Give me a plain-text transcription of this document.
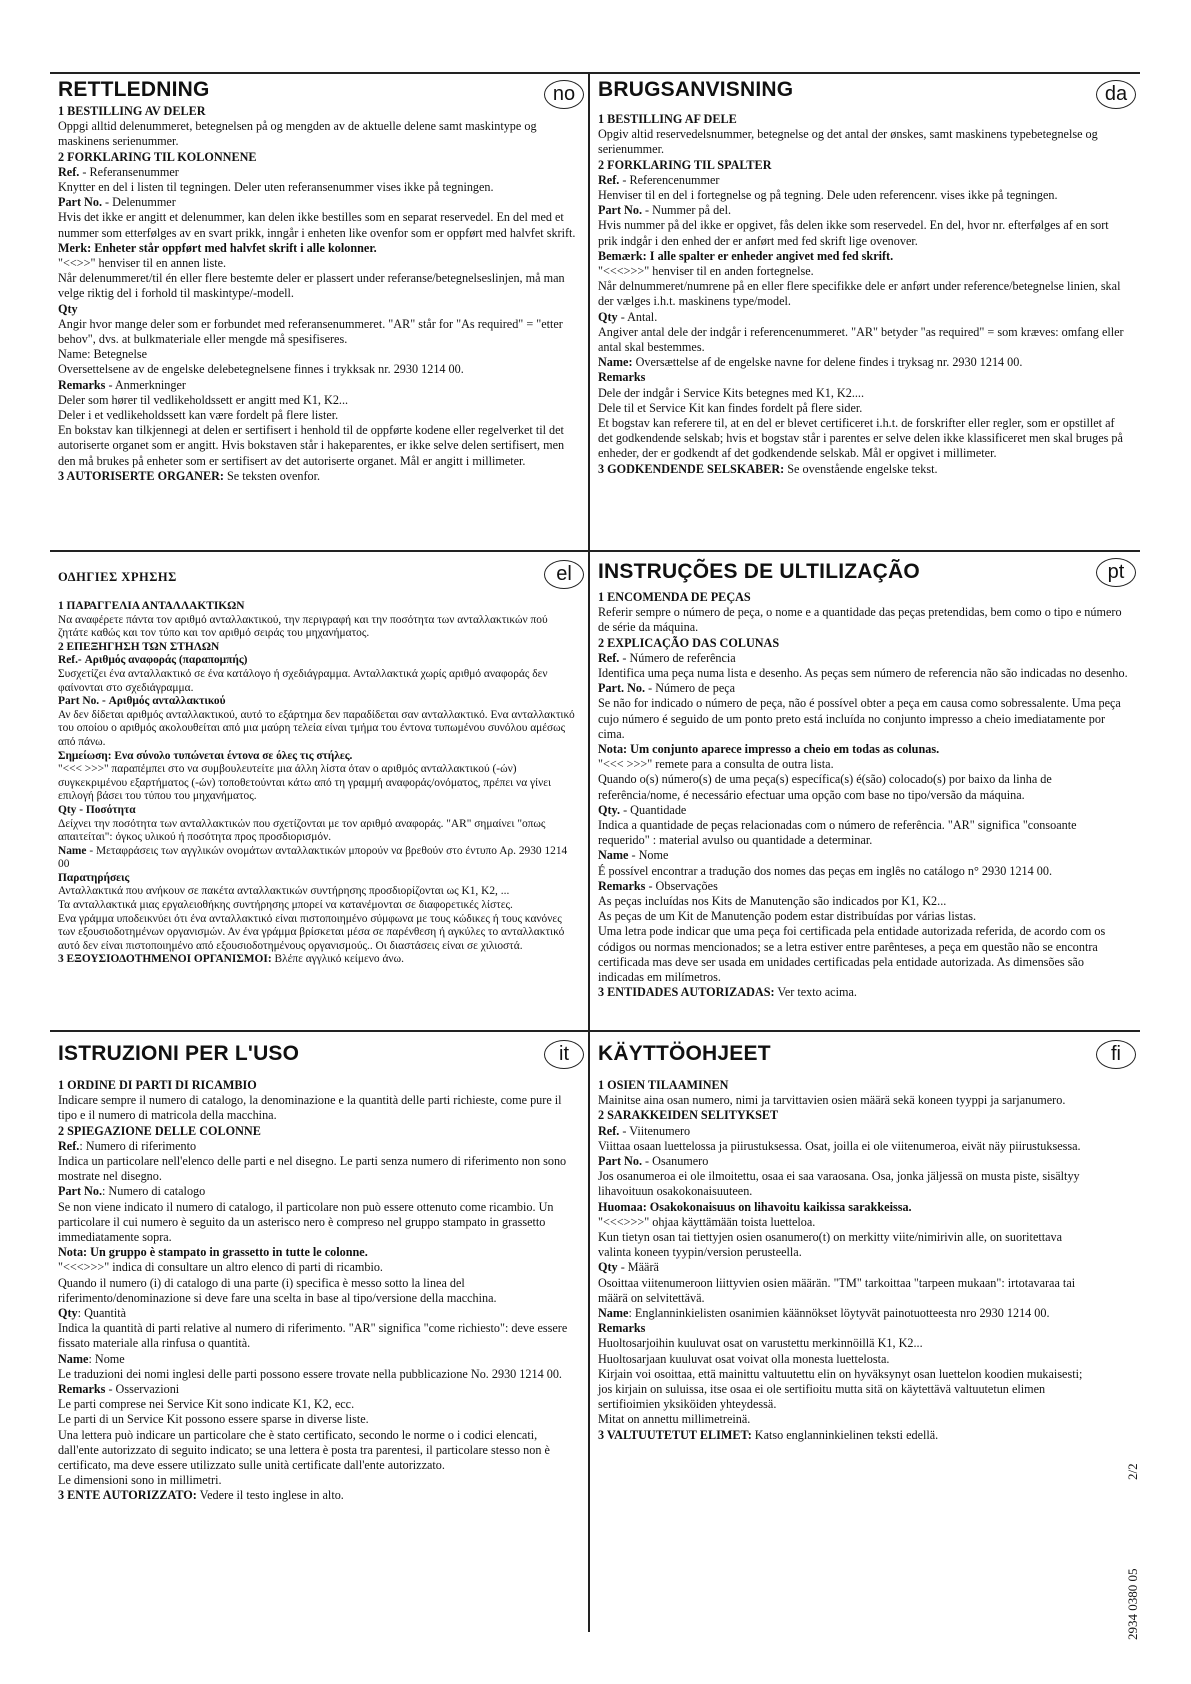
RETTLEDNING	no

1 BESTILLING AV DELER

Oppgi alltid delenummeret, betegnelsen på og mengden av de aktuelle delene samt maskintype og maskinens serienummer.

2 FORKLARING TIL KOLONNENE

Ref. - Referansenummer

Knytter en del i listen til tegningen. Deler uten referansenummer vises ikke på tegningen.

Part No. - Delenummer

Hvis det ikke er angitt et delenummer, kan delen ikke bestilles som en separat reservedel. En del med et nummer som etterfølges av en svart prikk, inngår i enheten like ovenfor som er oppført med halvfet skrift.

Merk: Enheter står oppført med halvfet skrift i alle kolonner.

"<<>>" henviser til en annen liste.

Når delenummeret/til én eller flere bestemte deler er plassert under referanse/betegnelseslinjen, må man velge riktig del i forhold til maskintype/-modell.

Qty

Angir hvor mange deler som er forbundet med referansenummeret. "AR" står for "As required" = "etter behov", dvs. at bulkmateriale eller mengde må spesifiseres.

Name: Betegnelse

Oversettelsene av de engelske delebetegnelsene finnes i trykksak nr. 2930 1214 00.

Remarks - Anmerkninger

Deler som hører til vedlikeholdssett er angitt med K1, K2...

Deler i et vedlikeholdssett kan være fordelt på flere lister.

En bokstav kan tilkjennegi at delen er sertifisert i henhold til de oppførte kodene eller regelverket til det autoriserte organet som er angitt. Hvis bokstaven står i hakeparentes, er ikke selve delen sertifisert, men den må brukes på enheter som er sertifisert av det autoriserte organet. Mål er angitt i millimeter.

3 AUTORISERTE ORGANER: Se teksten ovenfor.

BRUGSANVISNING	da

1 BESTILLING AF DELE

Opgiv altid reservedelsnummer, betegnelse og det antal der ønskes, samt maskinens typebetegnelse og serienummer.

2 FORKLARING TIL SPALTER

Ref. - Referencenummer

Henviser til en del i fortegnelse og på tegning. Dele uden referencenr. vises ikke på tegningen.

Part No. - Nummer på del.

Hvis nummer på del ikke er opgivet, fås delen ikke som reservedel. En del, hvor nr. efterfølges af en sort prik indgår i den enhed der er anført med fed skrift lige ovenover.

Bemærk: I alle spalter er enheder angivet med fed skrift.

"<<<>>>" henviser til en anden fortegnelse.

Når delnummeret/numrene på en eller flere specifikke dele er anført under reference/betegnelse linien, skal der vælges i.h.t. maskinens type/model.

Qty - Antal.

Angiver antal dele der indgår i referencenummeret. "AR" betyder "as required" = som kræves: omfang eller antal skal bestemmes.

Name: Oversættelse af de engelske navne for delene findes i tryksag nr. 2930 1214 00.

Remarks

Dele der indgår i Service Kits betegnes med K1, K2....

Dele til et Service Kit kan findes fordelt på flere sider.

Et bogstav kan referere til, at en del er blevet certificeret i.h.t. de forskrifter eller regler, som er opstillet af det godkendende selskab; hvis et bogstav står i parentes er selve delen ikke klassificeret men skal bruges på enheder, der er godkendt af det godkendende selskab. Mål er opgivet i millimeter.

3 GODKENDENDE SELSKABER: Se ovenstående engelske tekst.

ΟΔΗΓΙΕΣ ΧΡΗΣΗΣ	el

1 ΠΑΡΑΓΓΕΛΙΑ ΑΝΤΑΛΛΑΚΤΙΚΩΝ

Να αναφέρετε πάντα τον αριθμό ανταλλακτικού, την περιγραφή και την ποσότητα των ανταλλακτικών πού ζητάτε καθώς και τον τύπο και τον αριθμό σειράς του μηχανήματος.

2 ΕΠΕΞΗΓΗΣΗ ΤΩΝ ΣΤΗΛΩΝ

Ref.- Αριθμός αναφοράς (παραπομπής)

Συσχετίζει ένα ανταλλακτικό σε ένα κατάλογο ή σχεδιάγραμμα. Ανταλλακτικά χωρίς αριθμό αναφοράς δεν φαίνονται στο σχεδιάγραμμα.

Part No. - Αριθμός ανταλλακτικού

Αν δεν δίδεται αριθμός ανταλλακτικού, αυτό το εξάρτημα δεν παραδίδεται σαν ανταλλακτικό. Ενα ανταλλακτικό του οποίου ο αριθμός ακολουθείται από μια μαύρη τελεία είναι τμήμα του έντονα τυπωμένου συνόλου αμέσως από πάνω.

Σημείωση: Ενα σύνολο τυπώνεται έντονα σε όλες τις στήλες.

"<<< >>>" παραπέμπει στο να συμβουλευτείτε μια άλλη λίστα όταν ο αριθμός ανταλλακτικού (-ών) συγκεκριμένου εξαρτήματος (-ών) τοποθετούνται κάτω από τη γραμμή αναφοράς/ονόματος, πρέπει να γίνει επιλογή βάσει του τύπου του μηχανήματος.

Qty - Ποσότητα

Δείχνει την ποσότητα των ανταλλακτικών που σχετίζονται με τον αριθμό αναφοράς. "AR" σημαίνει "οπως απαιτείται": όγκος υλικού ή ποσότητα προς προσδιορισμόν.

Name - Μεταφράσεις των αγγλικών ονομάτων ανταλλακτικών μπορούν να βρεθούν στο έντυπο Αρ. 2930 1214 00

Παρατηρήσεις

Ανταλλακτικά που ανήκουν σε πακέτα ανταλλακτικών συντήρησης προσδιορίζονται ως K1, K2, ...

Τα ανταλλακτικά μιας εργαλειοθήκης συντήρησης μπορεί να κατανέμονται σε διαφορετικές λίστες.

Ενα γράμμα υποδεικνύει ότι ένα ανταλλακτικό είναι πιστοποιημένο σύμφωνα με τους κώδικες ή τους κανόνες των εξουσιοδοτημένων οργανισμών. Αν ένα γράμμα βρίσκεται μέσα σε παρένθεση ή αγκύλες το ανταλλακτικό αυτό δεν είναι πιστοποιημένο από εξουσιοδοτημένους οργανισμούς.. Οι διαστάσεις είναι σε χιλιοστά.

3 ΕΞΟΥΣΙΟΔΟΤΗΜΕΝΟΙ ΟΡΓΑΝΙΣΜΟΙ: Βλέπε αγγλικό κείμενο άνω.

INSTRUÇÕES DE ULTILIZAÇÃO	pt

1 ENCOMENDA DE PEÇAS

Referir sempre o número de peça, o nome e a quantidade das peças pretendidas, bem como o tipo e número de série da máquina.

2 EXPLICAÇÃO DAS COLUNAS

Ref. - Número de referência

Identifica uma peça numa lista e desenho. As peças sem número de referencia não são indicadas no desenho.

Part. No. - Número de peça

Se não for indicado o número de peça, não é possível obter a peça em causa como sobressalente. Uma peça cujo número é seguido de um ponto preto está incluída no conjunto impresso a cheio imediatamente por cima.

Nota: Um conjunto aparece impresso a cheio em todas as colunas.

"<<< >>>" remete para a consulta de outra lista.

Quando o(s) número(s) de uma peça(s) específica(s) é(são) colocado(s) por baixo da linha de referência/nome, é necessário efectuar uma opção com base no tipo/versão da máquina.

Qty. - Quantidade

Indica a quantidade de peças relacionadas com o número de referência. "AR" significa "consoante requerido" : material avulso ou quantidade a determinar.

Name - Nome

É possível encontrar a tradução dos nomes das peças em inglês no catálogo n° 2930 1214 00.

Remarks - Observações

As peças incluídas nos Kits de Manutenção são indicados por K1, K2...

As peças de um Kit de Manutenção podem estar distribuídas por várias listas.

Uma letra pode indicar que uma peça foi certificada pela entidade autorizada referida, de acordo com os códigos ou normas mencionados; se a letra estiver entre parênteses, a peça em questão não se encontra certificada mas deve ser usada em unidades certificadas pela entidade autorizada. As dimensões são indicadas em milímetros.

3 ENTIDADES AUTORIZADAS: Ver texto acima.

ISTRUZIONI PER L'USO	it

1 ORDINE DI PARTI DI RICAMBIO

Indicare sempre il numero di catalogo, la denominazione e la quantità delle parti richieste, come pure il tipo e il numero di matricola della macchina.

2 SPIEGAZIONE DELLE COLONNE

Ref.: Numero di riferimento

Indica un particolare nell'elenco delle parti e nel disegno. Le parti senza numero di riferimento non sono mostrate nel disegno.

Part No.: Numero di catalogo

Se non viene indicato il numero di catalogo, il particolare non può essere ottenuto come ricambio. Un particolare il cui numero è seguito da un asterisco nero è compreso nel gruppo stampato in grassetto immediatamente sopra.

Nota: Un gruppo è stampato in grassetto in tutte le colonne.

"<<<>>>" indica di consultare un altro elenco di parti di ricambio.

Quando il numero (i) di catalogo di una parte (i) specifica è messo sotto la linea del riferimento/denominazione si deve fare una scelta in base al tipo/versione della macchina.

Qty: Quantità

Indica la quantità di parti relative al numero di riferimento. "AR" significa "come richiesto": deve essere fissato materiale alla rinfusa o quantità.

Name: Nome

Le traduzioni dei nomi inglesi delle parti possono essere trovate nella pubblicazione No. 2930 1214 00.

Remarks - Osservazioni

Le parti comprese nei Service Kit sono indicate K1, K2, ecc.

Le parti di un Service Kit possono essere sparse in diverse liste.

Una lettera può indicare un particolare che è stato certificato, secondo le norme o i codici elencati, dall'ente autorizzato di seguito indicato; se una lettera è posta tra parentesi, il particolare stesso non è certificato, ma deve essere utilizzato sulle unità certificate dall'ente autorizzato.

Le dimensioni sono in millimetri.

3 ENTE AUTORIZZATO: Vedere il testo inglese in alto.

KÄYTTÖOHJEET	fi

1 OSIEN TILAAMINEN

Mainitse aina osan numero, nimi ja tarvittavien osien määrä sekä koneen tyyppi ja sarjanumero.

2 SARAKKEIDEN SELITYKSET

Ref. - Viitenumero

Viittaa osaan luettelossa ja piirustuksessa. Osat, joilla ei ole viitenumeroa, eivät näy piirustuksessa.

Part No. - Osanumero

Jos osanumeroa ei ole ilmoitettu, osaa ei saa varaosana. Osa, jonka jäljessä on musta piste, sisältyy lihavoituun osakokonaisuuteen.

Huomaa: Osakokonaisuus on lihavoitu kaikissa sarakkeissa.

"<<<>>>" ohjaa käyttämään toista luetteloa.

Kun tietyn osan tai tiettyjen osien osanumero(t) on merkitty viite/nimirivin alle, on suoritettava valinta koneen tyypin/version perusteella.

Qty - Määrä

Osoittaa viitenumeroon liittyvien osien määrän. "TM" tarkoittaa "tarpeen mukaan": irtotavaraa tai määrä on selvitettävä.

Name: Englanninkielisten osanimien käännökset löytyvät painotuotteesta nro 2930 1214 00.

Remarks

Huoltosarjoihin kuuluvat osat on varustettu merkinnöillä K1, K2...

Huoltosarjaan kuuluvat osat voivat olla monesta luettelosta.

Kirjain voi osoittaa, että mainittu valtuutettu elin on hyväksynyt osan luettelon koodien mukaisesti; jos kirjain on suluissa, itse osaa ei ole sertifioitu mutta sitä on käytettävä valtuutetun elimen sertifioimien yksiköiden yhteydessä.

Mitat on annettu millimetreinä.

3 VALTUUTETUT ELIMET: Katso englanninkielinen teksti edellä.

2/2
2934 0380 05
